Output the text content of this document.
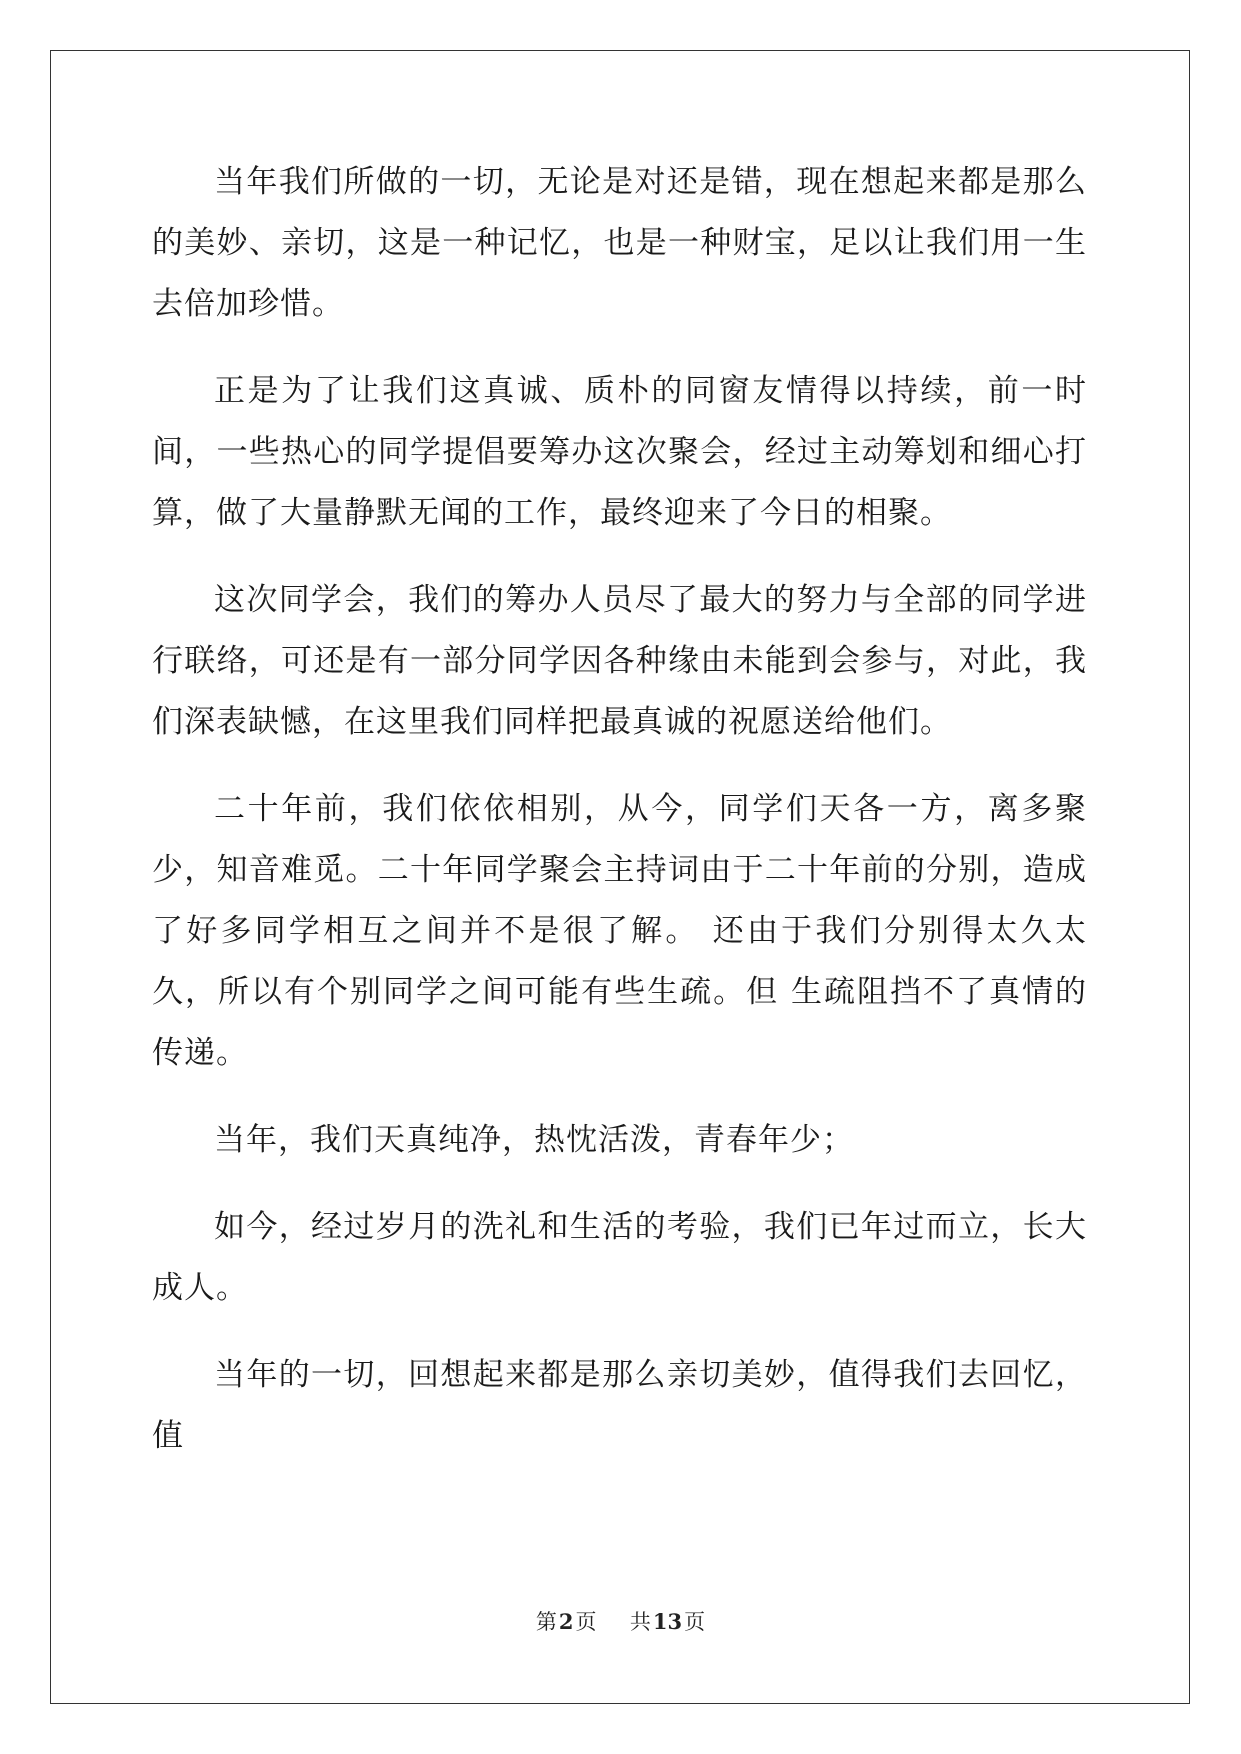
当年我们所做的一切，无论是对还是错，现在想起来都是那么的美妙、亲切，这是一种记忆，也是一种财宝，足以让我们用一生去倍加珍惜。

正是为了让我们这真诚、质朴的同窗友情得以持续，前一时间，一些热心的同学提倡要筹办这次聚会，经过主动筹划和细心打算，做了大量静默无闻的工作，最终迎来了今日的相聚。

这次同学会，我们的筹办人员尽了最大的努力与全部的同学进行联络，可还是有一部分同学因各种缘由未能到会参与，对此，我们深表缺憾，在这里我们同样把最真诚的祝愿送给他们。

二十年前，我们依依相别，从今，同学们天各一方，离多聚少，知音难觅。二十年同学聚会主持词由于二十年前的分别，造成了好多同学相互之间并不是很了解。 还由于我们分别得太久太久，所以有个别同学之间可能有些生疏。但 生疏阻挡不了真情的传递。

当年，我们天真纯净，热忱活泼，青春年少；

如今，经过岁月的洗礼和生活的考验，我们已年过而立，长大成人。

当年的一切，回想起来都是那么亲切美妙，值得我们去回忆，值

第2页 共13页
